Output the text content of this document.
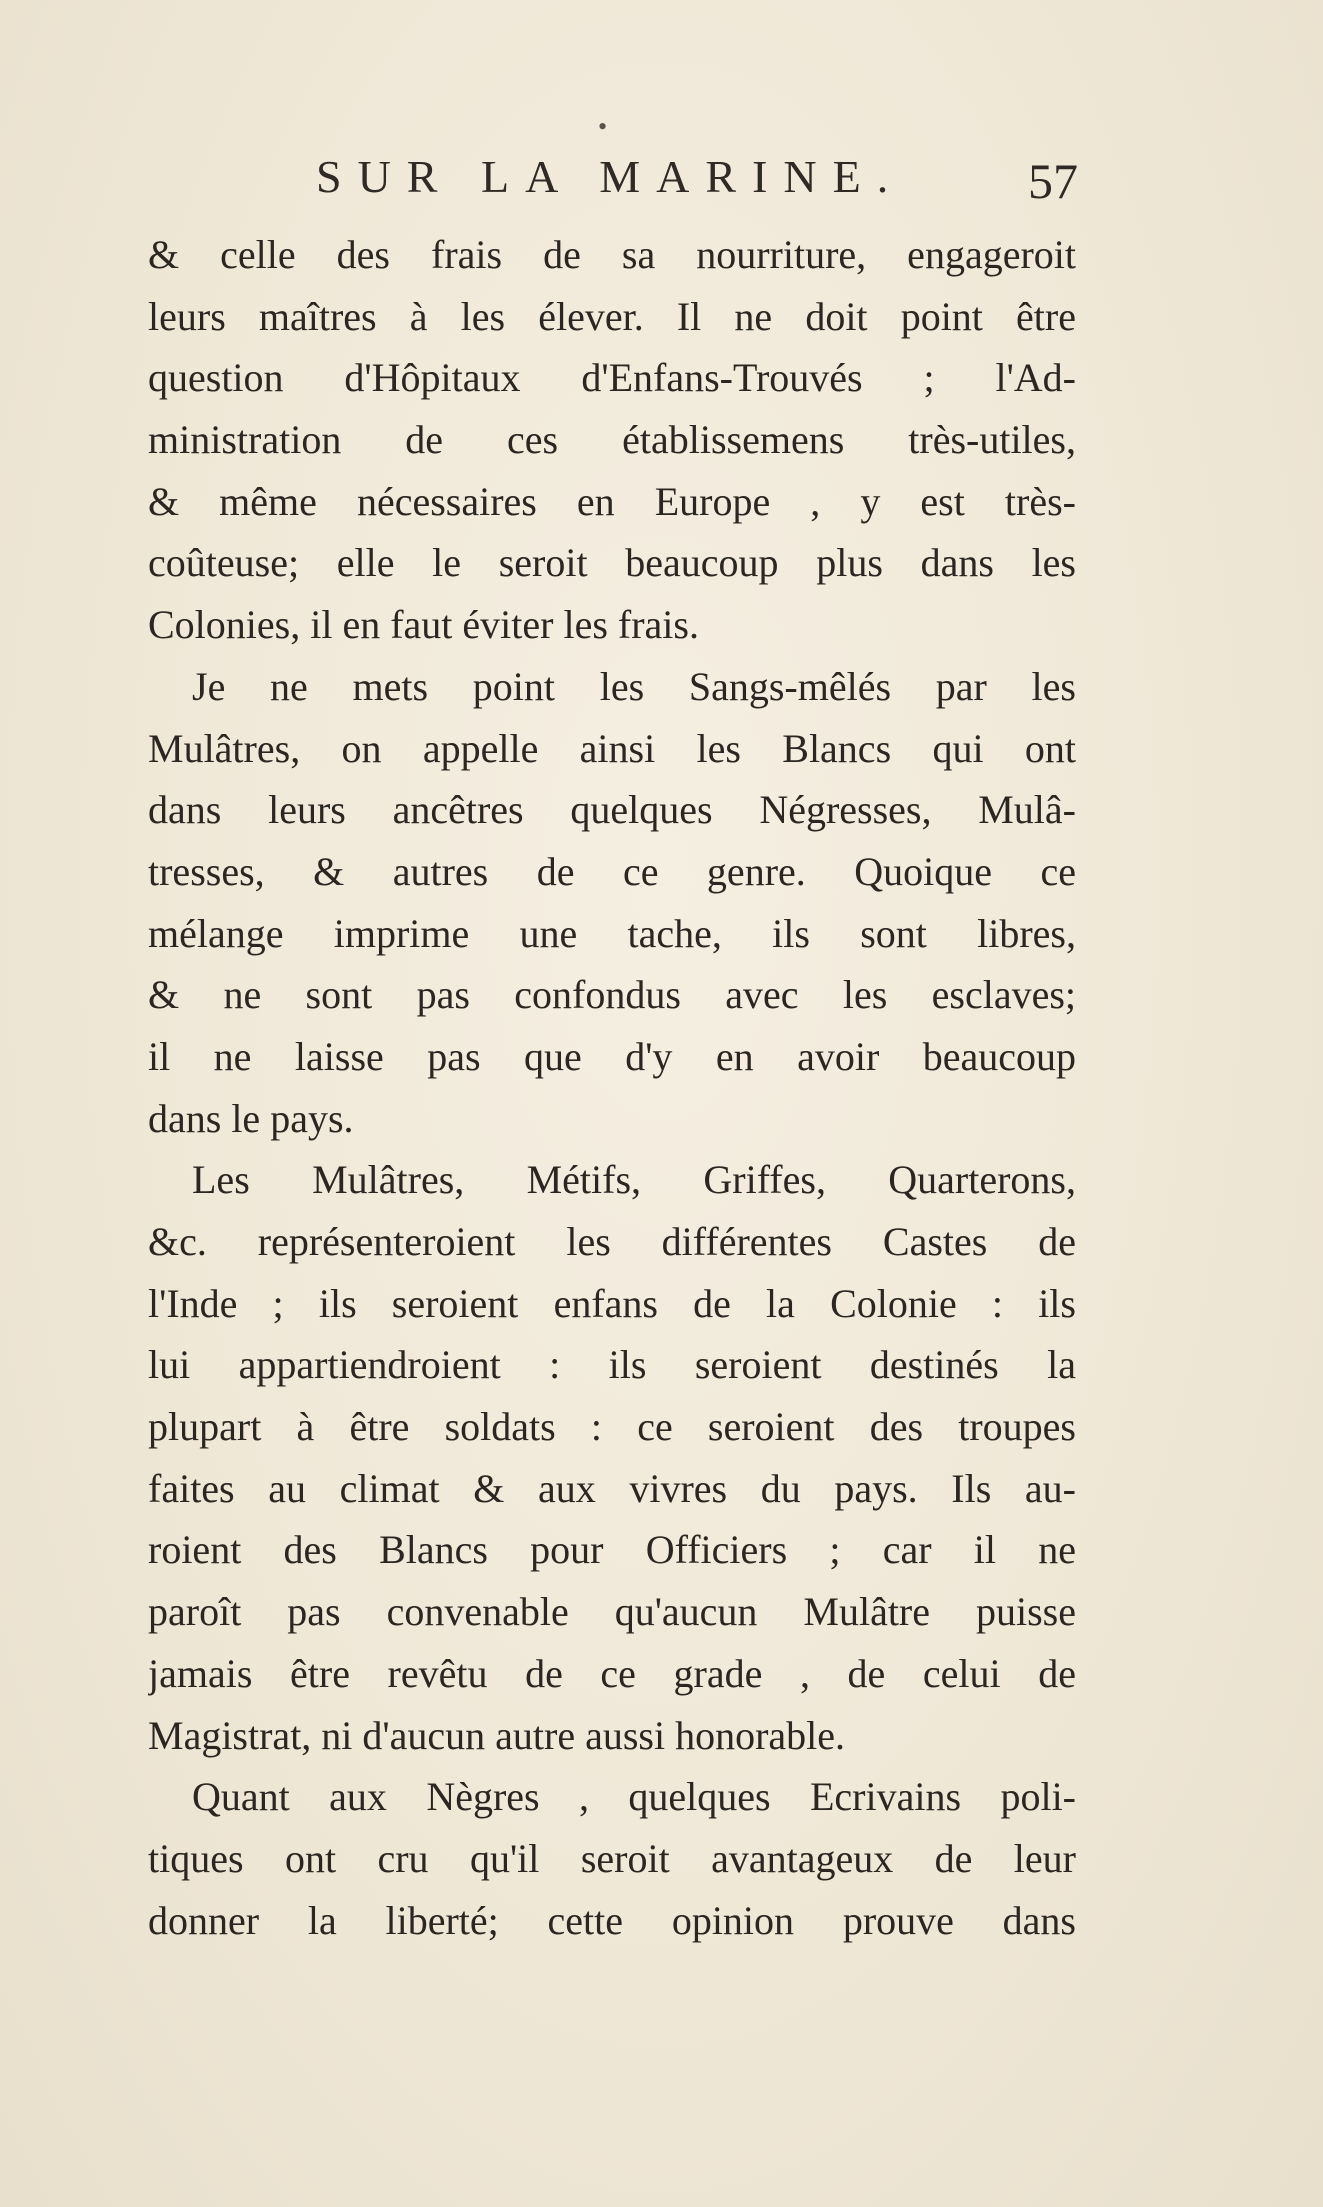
•
SUR LA MARINE. 57
& celle des frais de sa nourriture, engageroit
leurs maîtres à les élever. Il ne doit point être
question d'Hôpitaux d'Enfans-Trouvés ; l'Ad-
ministration de ces établissemens très-utiles,
& même nécessaires en Europe , y est très-
coûteuse; elle le seroit beaucoup plus dans les
Colonies, il en faut éviter les frais.
Je ne mets point les Sangs-mêlés par les
Mulâtres, on appelle ainsi les Blancs qui ont
dans leurs ancêtres quelques Négresses, Mulâ-
tresses, & autres de ce genre. Quoique ce
mélange imprime une tache, ils sont libres,
& ne sont pas confondus avec les esclaves;
il ne laisse pas que d'y en avoir beaucoup
dans le pays.
Les Mulâtres, Métifs, Griffes, Quarterons,
&c. représenteroient les différentes Castes de
l'Inde ; ils seroient enfans de la Colonie : ils
lui appartiendroient : ils seroient destinés la
plupart à être soldats : ce seroient des troupes
faites au climat & aux vivres du pays. Ils au-
roient des Blancs pour Officiers ; car il ne
paroît pas convenable qu'aucun Mulâtre puisse
jamais être revêtu de ce grade , de celui de
Magistrat, ni d'aucun autre aussi honorable.
Quant aux Nègres , quelques Ecrivains poli-
tiques ont cru qu'il seroit avantageux de leur
donner la liberté; cette opinion prouve dans
